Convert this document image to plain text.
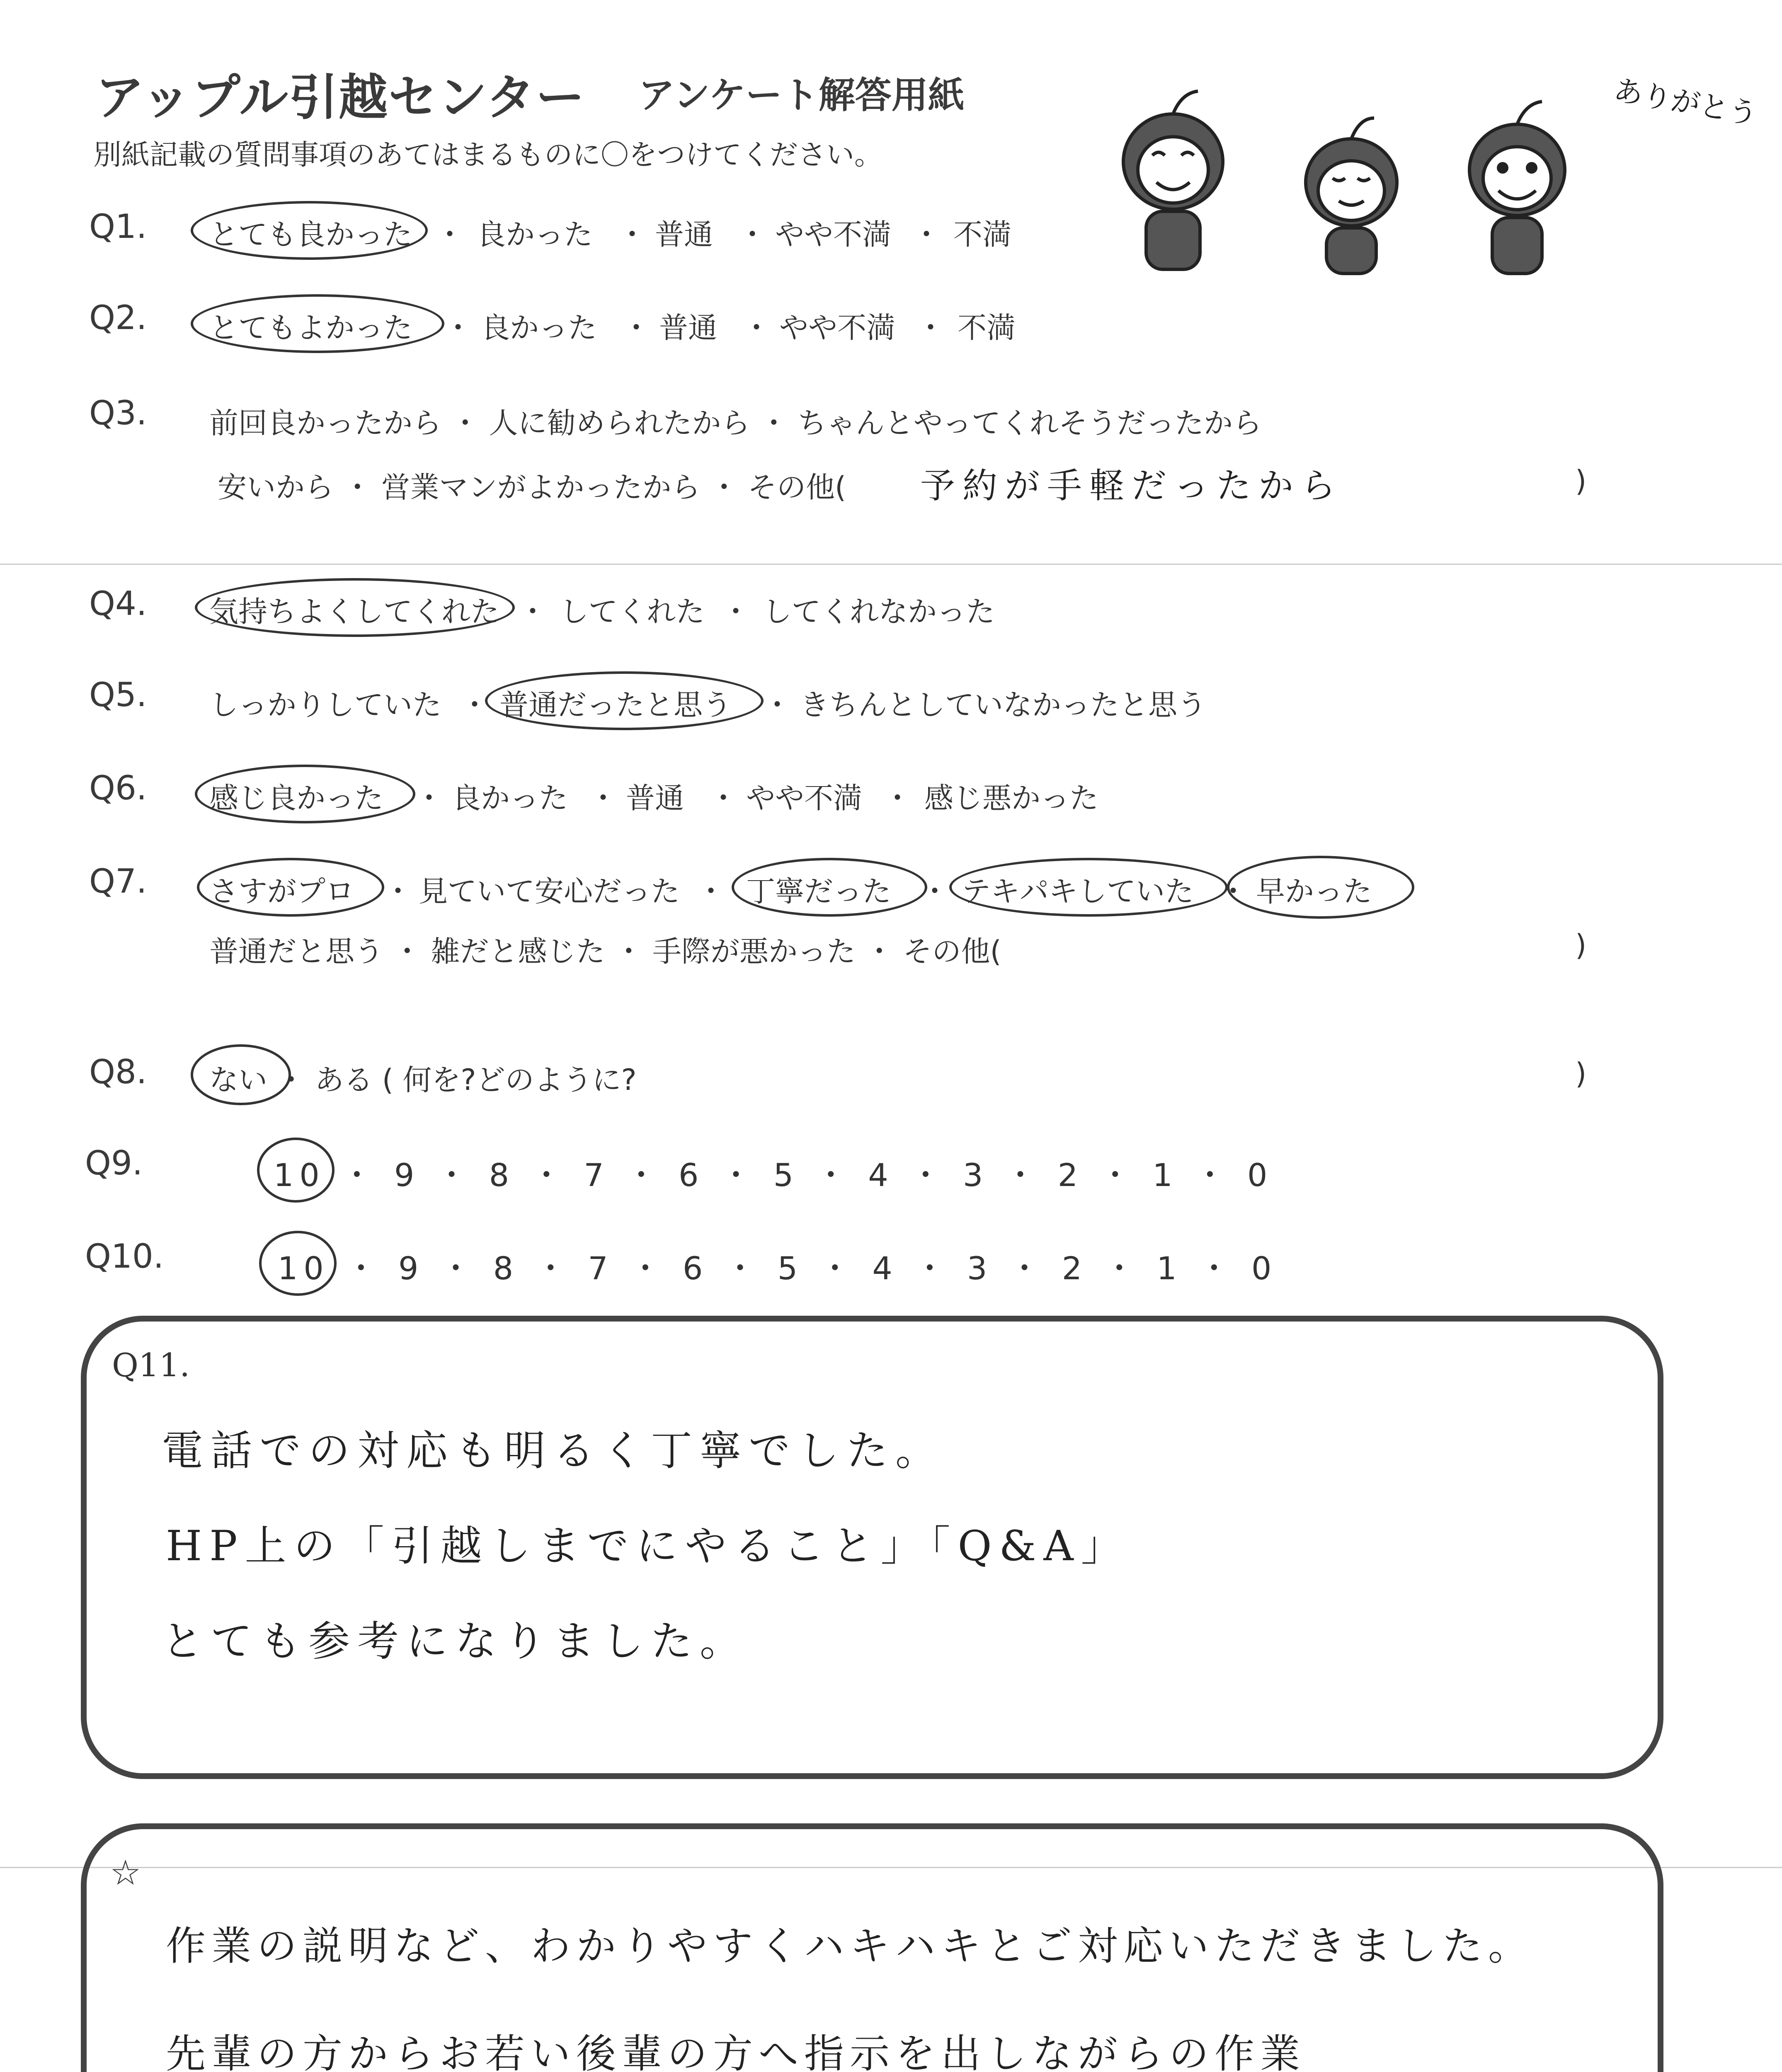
アップル引越センター アンケート解答用紙
別紙記載の質問事項のあてはまるものに〇をつけてください。
ありがとう
Q1. とても良かった ・ 良かった ・ 普通 ・ やや不満 ・ 不満
Q2. とてもよかった ・ 良かった ・ 普通 ・ やや不満 ・ 不満
Q3. 前回良かったから ・ 人に勧められたから ・ ちゃんとやってくれそうだったから
安いから ・ 営業マンがよかったから ・ その他( 予約が手軽だったから	)
Q4. 気持ちよくしてくれた ・ してくれた ・ してくれなかった
Q5. しっかりしていた ・ 普通だったと思う ・ きちんとしていなかったと思う
Q6. 感じ良かった ・ 良かった ・ 普通 ・ やや不満 ・ 感じ悪かった
Q7. さすがプロ ・ 見ていて安心だった ・ 丁寧だった ・ テキパキしていた ・ 早かった
普通だと思う ・ 雑だと感じた ・ 手際が悪かった ・ その他(	)
Q8. ない ・ ある ( 何を?どのように?	)
Q9.	10 ・ 9 ・ 8 ・ 7 ・ 6 ・ 5 ・ 4 ・ 3 ・ 2 ・ 1 ・ 0
Q10.	10 ・ 9 ・ 8 ・ 7 ・ 6 ・ 5 ・ 4 ・ 3 ・ 2 ・ 1 ・ 0
Q11.
電話での対応も明るく丁寧でした。
HP上の「引越しまでにやること」「Q&A」
とても参考になりました。
☆
作業の説明など、わかりやすくハキハキとご対応いただきました。
先輩の方からお若い後輩の方へ指示を出しながらの作業
